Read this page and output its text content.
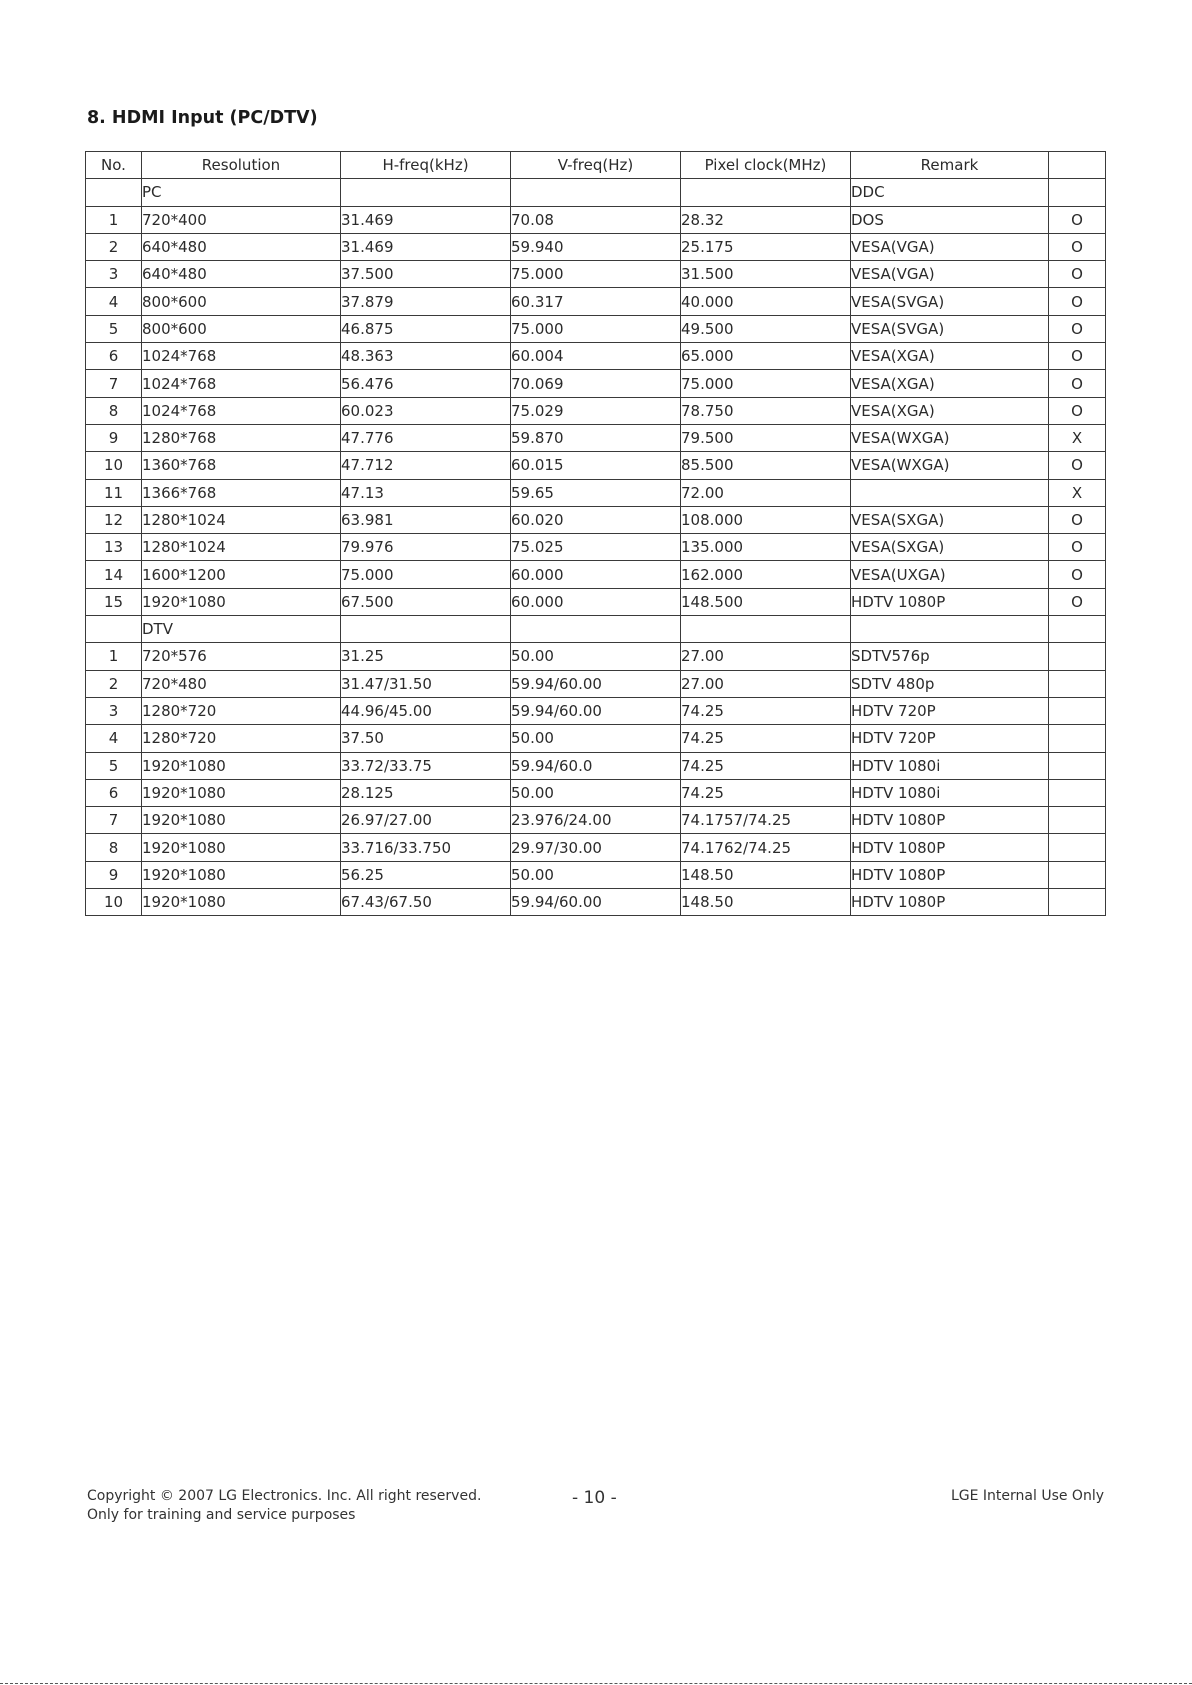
8. HDMI Input (PC/DTV)
No.	Resolution	H-freq(kHz)	V-freq(Hz)	Pixel clock(MHz)	Remark	
	PC				DDC	
1	720*400	31.469	70.08	28.32	DOS	O
2	640*480	31.469	59.940	25.175	VESA(VGA)	O
3	640*480	37.500	75.000	31.500	VESA(VGA)	O
4	800*600	37.879	60.317	40.000	VESA(SVGA)	O
5	800*600	46.875	75.000	49.500	VESA(SVGA)	O
6	1024*768	48.363	60.004	65.000	VESA(XGA)	O
7	1024*768	56.476	70.069	75.000	VESA(XGA)	O
8	1024*768	60.023	75.029	78.750	VESA(XGA)	O
9	1280*768	47.776	59.870	79.500	VESA(WXGA)	X
10	1360*768	47.712	60.015	85.500	VESA(WXGA)	O
11	1366*768	47.13	59.65	72.00		X
12	1280*1024	63.981	60.020	108.000	VESA(SXGA)	O
13	1280*1024	79.976	75.025	135.000	VESA(SXGA)	O
14	1600*1200	75.000	60.000	162.000	VESA(UXGA)	O
15	1920*1080	67.500	60.000	148.500	HDTV 1080P	O
	DTV					
1	720*576	31.25	50.00	27.00	SDTV576p	
2	720*480	31.47/31.50	59.94/60.00	27.00	SDTV 480p	
3	1280*720	44.96/45.00	59.94/60.00	74.25	HDTV 720P	
4	1280*720	37.50	50.00	74.25	HDTV 720P	
5	1920*1080	33.72/33.75	59.94/60.0	74.25	HDTV 1080i	
6	1920*1080	28.125	50.00	74.25	HDTV 1080i	
7	1920*1080	26.97/27.00	23.976/24.00	74.1757/74.25	HDTV 1080P	
8	1920*1080	33.716/33.750	29.97/30.00	74.1762/74.25	HDTV 1080P	
9	1920*1080	56.25	50.00	148.50	HDTV 1080P	
10	1920*1080	67.43/67.50	59.94/60.00	148.50	HDTV 1080P	
Copyright © 2007 LG Electronics. Inc. All right reserved.
Only for training and service purposes
- 10 -	LGE Internal Use Only
